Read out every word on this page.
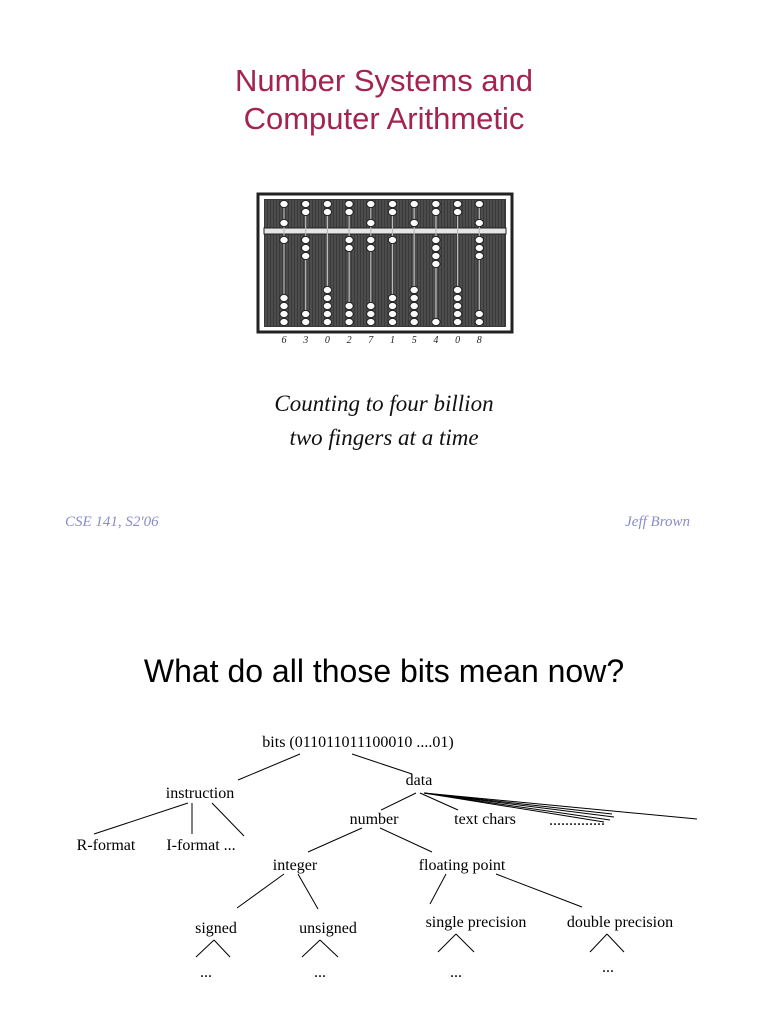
Number Systems and
Computer Arithmetic
6 3 0 2 7 1 5 4 0 8
Counting to four billion
two fingers at a time
CSE 141, S2'06	Jeff Brown
What do all those bits mean now?
bits (011011011100010 ....01)
instruction
data
R-format I-format ...
number	text chars ..............
integer	floating point
signed	unsigned	single precision	double precision
...	...	...	...
